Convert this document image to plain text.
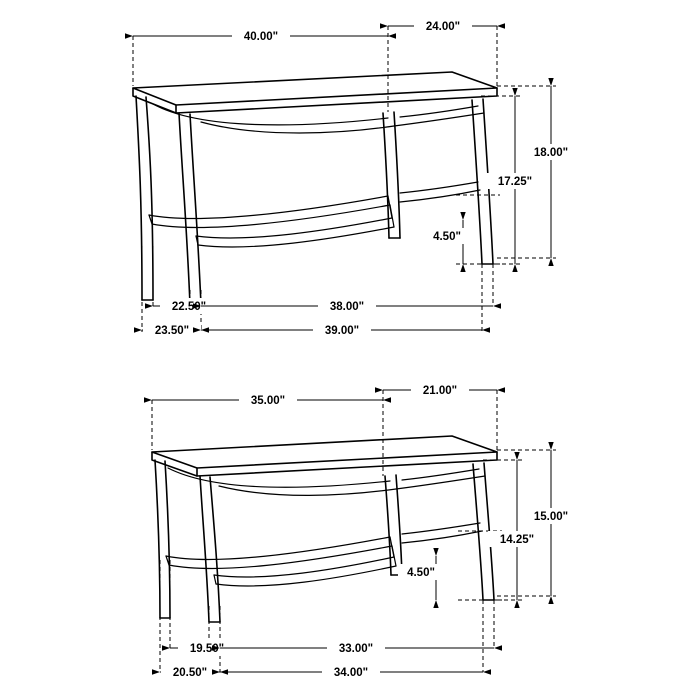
40.00"
24.00"
18.00"
17.25"
4.50"
22.50"	38.00"
23.50"	39.00"
35.00"
21.00"
15.00"
14.25"
4.50"
19.50"	33.00"
20.50"	34.00"
